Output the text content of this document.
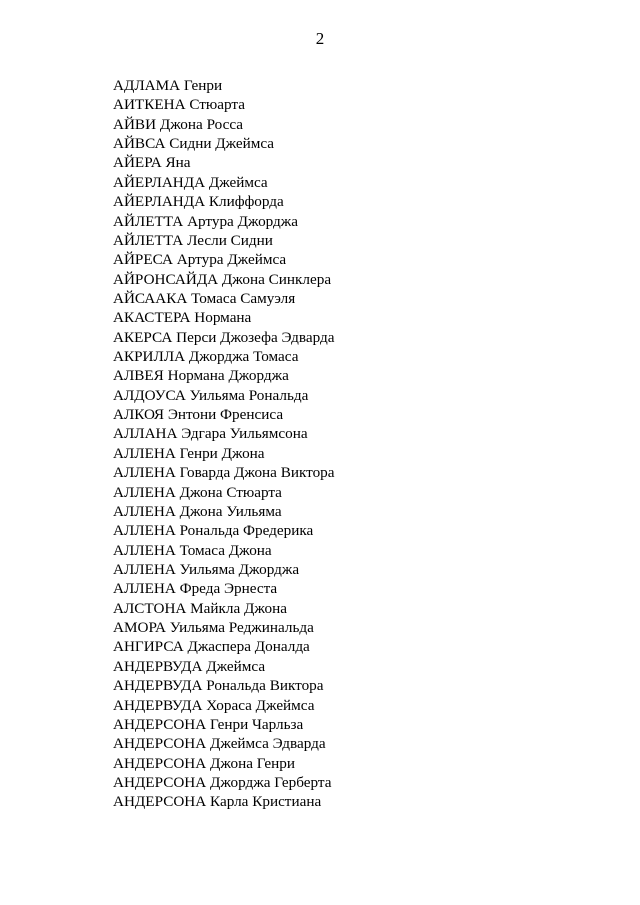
2
АДЛАМА Генри
АИТКЕНА Стюарта
АЙВИ Джона Росса
АЙВСА Сидни Джеймса
АЙЕРА Яна
АЙЕРЛАНДА Джеймса
АЙЕРЛАНДА Клиффорда
АЙЛЕТТА Артура Джорджа
АЙЛЕТТА Лесли Сидни
АЙРЕСА Артура Джеймса
АЙРОНСАЙДА Джона Синклера
АЙСААКА Томаса Самуэля
АКАСТЕРА Нормана
АКЕРСА Перси Джозефа Эдварда
АКРИЛЛА Джорджа Томаса
АЛВЕЯ Нормана Джорджа
АЛДОУСА Уильяма Рональда
АЛКОЯ Энтони Френсиса
АЛЛАНА Эдгара Уильямсона
АЛЛЕНА Генри Джона
АЛЛЕНА Говарда Джона Виктора
АЛЛЕНА Джона Стюарта
АЛЛЕНА Джона Уильяма
АЛЛЕНА Рональда Фредерика
АЛЛЕНА Томаса Джона
АЛЛЕНА Уильяма Джорджа
АЛЛЕНА Фреда Эрнеста
АЛСТОНА Майкла Джона
АМОРА Уильяма Реджинальда
АНГИРСА Джаспера Доналда
АНДЕРВУДА Джеймса
АНДЕРВУДА Рональда Виктора
АНДЕРВУДА Хораса Джеймса
АНДЕРСОНА Генри Чарльза
АНДЕРСОНА Джеймса Эдварда
АНДЕРСОНА Джона Генри
АНДЕРСОНА Джорджа Герберта
АНДЕРСОНА Карла Кристиана
